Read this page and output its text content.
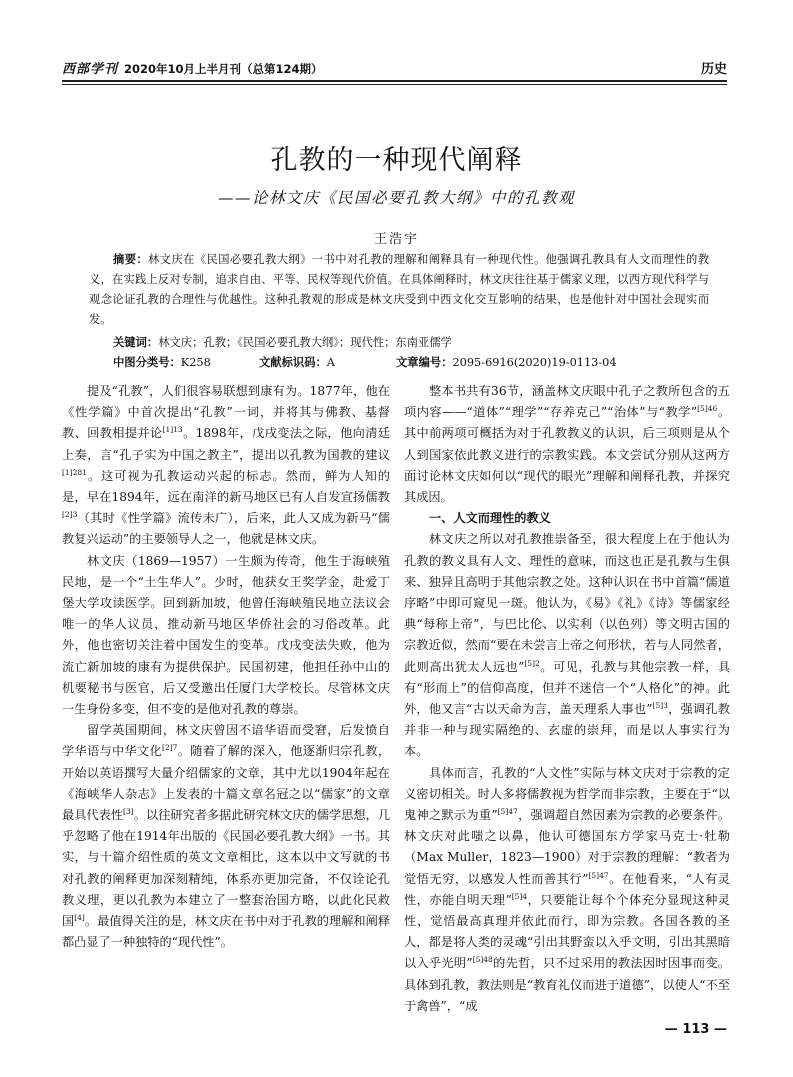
西部学刊 2020年10月上半月刊（总第124期）	历史
孔教的一种现代阐释
——论林文庆《民国必要孔教大纲》中的孔教观
王浩宇

摘要：林文庆在《民国必要孔教大纲》一书中对孔教的理解和阐释具有一种现代性。他强调孔教具有人文而理性的教义，在实践上反对专制，追求自由、平等、民权等现代价值。在具体阐释时，林文庆往往基于儒家义理，以西方现代科学与观念论证孔教的合理性与优越性。这种孔教观的形成是林文庆受到中西文化交互影响的结果，也是他针对中国社会现实而发。

关键词：林文庆；孔教；《民国必要孔教大纲》；现代性；东南亚儒学
中图分类号：K258	文献标识码：A	文章编号：2095-6916(2020)19-0113-04

提及“孔教”，人们很容易联想到康有为。1877年，他在《性学篇》中首次提出“孔教”一词，并将其与佛教、基督教、回教相提并论$^{[1]13}$。1898年，戊戌变法之际，他向清廷上奏，言“孔子实为中国之教主”，提出以孔教为国教的建议$^{[1]281}$。这可视为孔教运动兴起的标志。然而，鲜为人知的是，早在1894年，远在南洋的新马地区已有人自发宣扬儒教$^{[2]3}$（其时《性学篇》流传未广），后来，此人又成为新马“儒教复兴运动”的主要领导人之一，他就是林文庆。

林文庆（1869—1957）一生颇为传奇，他生于海峡殖民地，是一个“土生华人”。少时，他获女王奖学金，赴爱丁堡大学攻读医学。回到新加坡，他曾任海峡殖民地立法议会唯一的华人议员，推动新马地区华侨社会的习俗改革。此外，他也密切关注着中国发生的变革。戊戌变法失败，他为流亡新加坡的康有为提供保护。民国初建，他担任孙中山的机要秘书与医官，后又受邀出任厦门大学校长。尽管林文庆一生身份多变，但不变的是他对孔教的尊崇。

留学英国期间，林文庆曾因不谙华语而受窘，后发愤自学华语与中华文化$^{[2]7}$。随着了解的深入，他逐渐归宗孔教，开始以英语撰写大量介绍儒家的文章，其中尤以1904年起在《海峡华人杂志》上发表的十篇文章名冠之以“儒家”的文章最具代表性[3]。以往研究者多据此研究林文庆的儒学思想，几乎忽略了他在1914年出版的《民国必要孔教大纲》一书。其实，与十篇介绍性质的英文文章相比，这本以中文写就的书对孔教的阐释更加深刻精纯，体系亦更加完备，不仅诠论孔教义理，更以孔教为本建立了一整套治国方略，以此化民救国[4]。最值得关注的是，林文庆在书中对于孔教的理解和阐释都凸显了一种独特的“现代性”。

整本书共有36节，涵盖林文庆眼中孔子之教所包含的五项内容——“道体”“理学”“存养克己”“治体”与“教学”$^{[5]46}$。其中前两项可概括为对于孔教教义的认识，后三项则是从个人到国家依此教义进行的宗教实践。本文尝试分别从这两方面讨论林文庆如何以“现代的眼光”理解和阐释孔教，并探究其成因。

一、人文而理性的教义

林文庆之所以对孔教推崇备至，很大程度上在于他认为孔教的教义具有人文、理性的意味，而这也正是孔教与生俱来、独异且高明于其他宗教之处。这种认识在书中首篇“儒道序略”中即可窥见一斑。他认为，《易》《礼》《诗》等儒家经典“每称上帝”，与巴比伦、以实利（以色列）等文明古国的宗教近似，然而“要在未尝言上帝之何形状，若与人同然者，此则高出犹太人远也”$^{[5]2}$。可见，孔教与其他宗教一样，具有“形而上”的信仰高度，但并不迷信一个“人格化”的神。此外，他又言“古以天命为言，盖天理系人事也”$^{[5]3}$，强调孔教并非一种与现实隔绝的、玄虚的崇拜，而是以人事实行为本。

具体而言，孔教的“人文性”实际与林文庆对于宗教的定义密切相关。时人多将儒教视为哲学而非宗教，主要在于“以鬼神之默示为重”$^{[5]47}$，强调超自然因素为宗教的必要条件。林文庆对此嗤之以鼻，他认可德国东方学家马克士·牡勒（Max Muller，1823—1900）对于宗教的理解：“教者为觉悟无穷，以感发人性而善其行”$^{[5]47}$。在他看来，“人有灵性，亦能自明天理”$^{[5]4}$，只要能让每个个体充分显现这种灵性，觉悟最高真理并依此而行，即为宗教。各国各教的圣人，都是将人类的灵魂“引出其野蛮以入乎文明，引出其黑暗以入乎光明”$^{[5]48}$的先哲，只不过采用的教法因时因事而变。具体到孔教，教法则是“教育礼仪而进于道德”，以使人“不至于禽兽”，“成

— 113 —
